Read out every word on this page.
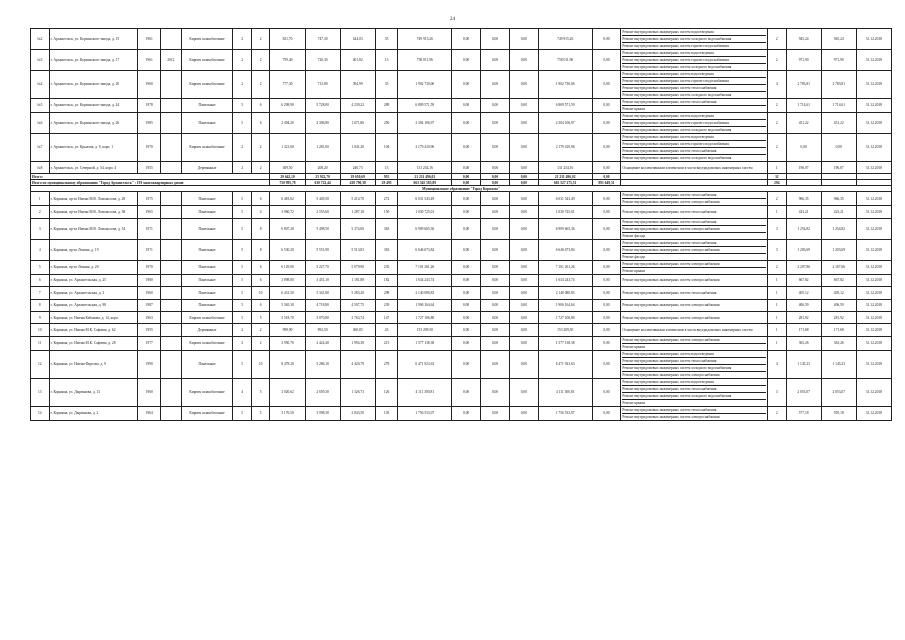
24
№2	г. Архангельск, ул. Корзинского-завода, д. 15	1961		Кирпич шлакоблочные	2	2	821,70	747,30	424,03	35	749 915,26	0,00	0,00	0,00	749 915,26	0,00	Ремонт внутридомовых инженерных систем водоотведения
Ремонт внутридомовых инженерных систем холодного водоснабжения
Ремонт внутридомовых инженерных систем горячего водоснабжения	2	945,24	945,24	31.12.2018
№3	г. Архангельск, ул. Корзинского-завода, д. 17	1961	2012	Кирпич шлакоблочные	2	2	759,40	720,30	401,82	13	758 011,96	0,00	0,00	0,00	758 011,96	0,00	Ремонт внутридомовых инженерных систем водоотведения
Ремонт внутридомовых инженерных систем горячего водоснабжения
Ремонт внутридомовых инженерных систем холодного водоснабжения	2	971,90	971,90	31.12.2018
№4	г. Архангельск, ул. Корзинского-завода, д. 20	1960		Кирпич шлакоблочные	2	2	777,30	713,80	394,99	35	1 902 730,06	0,00	0,00	0,00	1 902 730,06	0,00	Ремонт внутридомовых инженерных систем водоотведения
Ремонт внутридомовых инженерных систем горячего водоснабжения
Ремонт внутридомовых инженерных систем теплоснабжения
Ремонт внутридомовых инженерных систем холодного водоснабжения	4	2 783,81	2 783,81	31.12.2018
№5	г. Архангельск, ул. Корзинского-завода, д. 24	1978		Панельные	5	6	6 298,90	5 728,00	4 239,22	289	6 809 571,59	0,00	0,00	0,00	6 809 571,59	0,00	Ремонт внутридомовых инженерных систем теплоснабжения
Ремонт крыши	2	1 714,61	1 714,61	31.12.2018
№6	г. Архангельск, ул. Корзинского-завода, д. 26	1985		Панельные	5	6	2 494,20	2 306,80	1 671,86	250	2 304 106,97	0,00	0,00	0,00	2 304 106,97	0,00	Ремонт внутридомовых инженерных систем водоотведения
Ремонт внутридомовых инженерных систем горячего водоснабжения
Ремонт внутридомовых инженерных систем холодного водоснабжения	2	451,22	451,22	31.12.2018
№7	г. Архангельск, ул. Крылова, д. 9, корп. 1	1970		Кирпич шлакоблочные	2	2	1 321,60	1 281,00	1 041,20	104	2 179 410,96	0,00	0,00	0,00	2 179 410,96	0,00	Ремонт внутридомовых инженерных систем водоотведения
Ремонт внутридомовых инженерных систем горячего водоснабжения
Ремонт внутридомовых инженерных систем теплоснабжения
Ремонт внутридомовых инженерных систем холодного водоснабжения	2	0,00	0,00	31.12.2018
№8	г. Архангельск, ул. Северной, д. 54, корп. 4	1955		Деревянные	2	2	309,50	208,20	240,73	13	131 234,16	0,00	0,00	0,00	131 234,16	0,00	Оснащение коллективными элементами в части внутридомовых инженерных систем	1	196,07	196,07	31.12.2018
Итого:							29 642,10	25 922,70	19 650,69	955	21 231 496,02	0,00	0,00	0,00	21 231 496,02	0,00		32			
Итого по муниципальному образованию "Город Архангельск" : 193 многоквартирных домов							750 995,78	630 722,44	438 790,38	29 495	663 545 585,89	0,00	0,00	0,00	663 527 275,51	891 649,51		294			
Муниципальное образование "Город Коряжма"																					
1	г. Коряжма, пр-кт Имени М.В. Ломоносова, д. 28	1975		Панельные	5	6	6 481,02	5 449,50	5 214,70	272	6 031 543,49	0,00	0,00	0,00	6 031 543,49	0,00	Ремонт внутридомовых инженерных систем теплоснабжения
Ремонт внутридомовых инженерных систем электроснабжения	2	966,35	966,35	31.12.2018
2	г. Коряжма, пр-кт Имени М.В. Ломоносова, д. 38	1965		Панельные	5	4	3 960,72	2 555,60	1 287,18	150	1 030 725,01	0,00	0,00	0,00	1 030 725,01	0,00	Ремонт внутридомовых инженерных систем теплоснабжения	1	423,21	423,21	31.12.2018
3	г. Коряжма, пр-кт Имени М.В. Ломоносова, д. 54	1971		Панельные	5	8	6 807,20	5 498,50	5 374,06	363	6 909 665,36	0,00	0,00	0,00	6 909 665,36	0,00	Ремонт внутридомовых инженерных систем теплоснабжения
Ремонт внутридомовых инженерных систем электроснабжения
Ремонт фасада	3	1 254,82	1 254,82	31.12.2018
4	г. Коряжма, пр-кт Ленина, д. 19	1971		Панельные	5	8	6 530,20	5 551,90	5 513,83	363	6 646 673,84	0,00	0,00	0,00	6 646 673,84	0,00	Ремонт внутридомовых инженерных систем теплоснабжения
Ремонт внутридомовых инженерных систем электроснабжения
Ремонт фасада	3	1 203,69	1 203,69	31.12.2018
5	г. Коряжма, пр-кт Ленина, д. 20	1970		Панельные	5	6	6 129,00	5 227,70	5 079,90	235	7 101 261,26	0,00	0,00	0,00	7 101 261,26	0,00	Ремонт внутридомовых инженерных систем электроснабжения
Ремонт крыши	2	2 207,86	2 167,66	31.12.2018
6	г. Коряжма, ул. Архангельская, д. 25	1980		Панельные	5	6	3 898,00	3 451,10	1 181,88	182	1 634 243,74	0,00	0,00	0,00	1 634 243,74	0,00	Ремонт внутридомовых инженерных систем электроснабжения	1	667,82	667,82	31.12.2018
7	г. Коряжма, ул. Архангельская, д. 3	1960		Панельные	5	10	6 431,50	5 341,80	5 283,20	298	2 140 080,83	0,00	0,00	0,00	2 140 080,83	0,00	Ремонт внутридомовых инженерных систем теплоснабжения	1	405,12	405,12	31.12.2018
8	г. Коряжма, ул. Архангельская, д. 98	1987		Панельные	5	6	5 365,30	4 718,80	4 507,75	239	1 906 164,64	0,00	0,00	0,00	1 906 164,64	0,00	Ремонт внутридомовых инженерных систем электроснабжения	1	406,59	406,59	31.12.2018
9	г. Коряжма, ул. Имени Кабанова, д. 14, корп.	1963		Кирпич шлакоблочные	5	5	3 518,70	3 070,80	2 763,74	147	1 727 106,80	0,00	0,00	0,00	1 727 106,80	0,00	Ремонт внутридомовых инженерных систем электроснабжения	1	281,92	281,92	31.12.2018
10	г. Коряжма, ул. Имени М.К. Сафаева, д. 62	1955		Деревянные	2	2	998,90	892,50	360,85	43	153 209,50	0,00	0,00	0,00	153 209,50	0,00	Оснащение коллективными элементами в части внутридомовых инженерных систем	1	171,68	171,68	31.12.2018
11	г. Коряжма, ул. Имени М.К. Сафаева, д. 28	1977		Кирпич шлакоблочные	2	2	3 950,70	2 424,40	1 994,38	215	1 577 138,38	0,00	0,00	0,00	1 577 138,38	0,00	Ремонт внутридомовых инженерных систем электроснабжения
Ремонт крыши	1	363,26	363,26	31.12.2018
12	г. Коряжма, ул. Имени Фирсова, д. 9	1990		Панельные	5	10	8 478,20	5 286,10	4 420,79	278	6 471 923,63	0,00	0,00	0,00	6 471 923,63	0,00	Ремонт внутридомовых инженерных систем водоотведения
Ремонт внутридомовых инженерных систем теплоснабжения
Ремонт внутридомовых инженерных систем холодного водоснабжения
Ремонт внутридомовых инженерных систем электроснабжения	4	1 145,23	1 145,23	31.12.2018
13	г. Коряжма, ул. Дыренкова, д. 13	1960		Кирпич шлакоблочные	4	5	3 020,62	2 659,30	1 326,73	126	4 111 300,81	0,00	0,00	0,00	4 111 300,81	0,00	Ремонт внутридомовых инженерных систем водоотведения
Ремонт внутридомовых инженерных систем теплоснабжения
Ремонт внутридомовых инженерных систем холодного водоснабжения
Ремонт крыши	3	2 053,07	2 053,07	31.12.2018
14	г. Коряжма, ул. Дыренкова, д. 2	1964		Кирпич шлакоблочные	5	5	3 176,50	3 098,30	2 843,50	103	1 756 533,07	0,00	0,00	0,00	1 756 533,07	0,00	Ремонт внутридомовых инженерных систем теплоснабжения
Ремонт внутридомовых инженерных систем электроснабжения	2	577,18	595,18	31.12.2018
